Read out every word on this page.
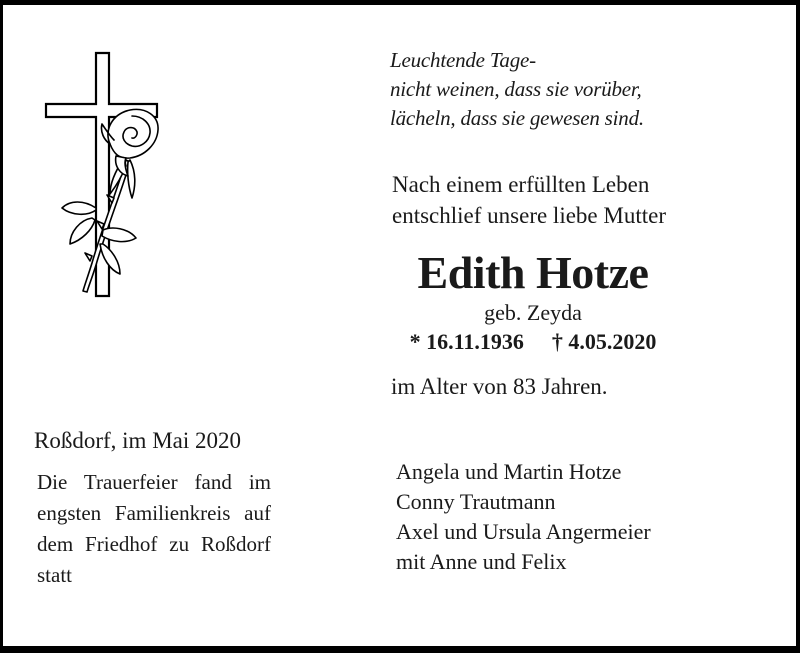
Leuchtende Tage-
nicht weinen, dass sie vorüber,
lächeln, dass sie gewesen sind.
Nach einem erfüllten Leben
entschlief unsere liebe Mutter
Edith Hotze
geb. Zeyda
* 16.11.1936 † 4.05.2020
im Alter von 83 Jahren.
Roßdorf, im Mai 2020
Die Trauerfeier fand im
engsten Familienkreis auf
dem Friedhof zu Roßdorf
statt
Angela und Martin Hotze
Conny Trautmann
Axel und Ursula Angermeier
mit Anne und Felix
